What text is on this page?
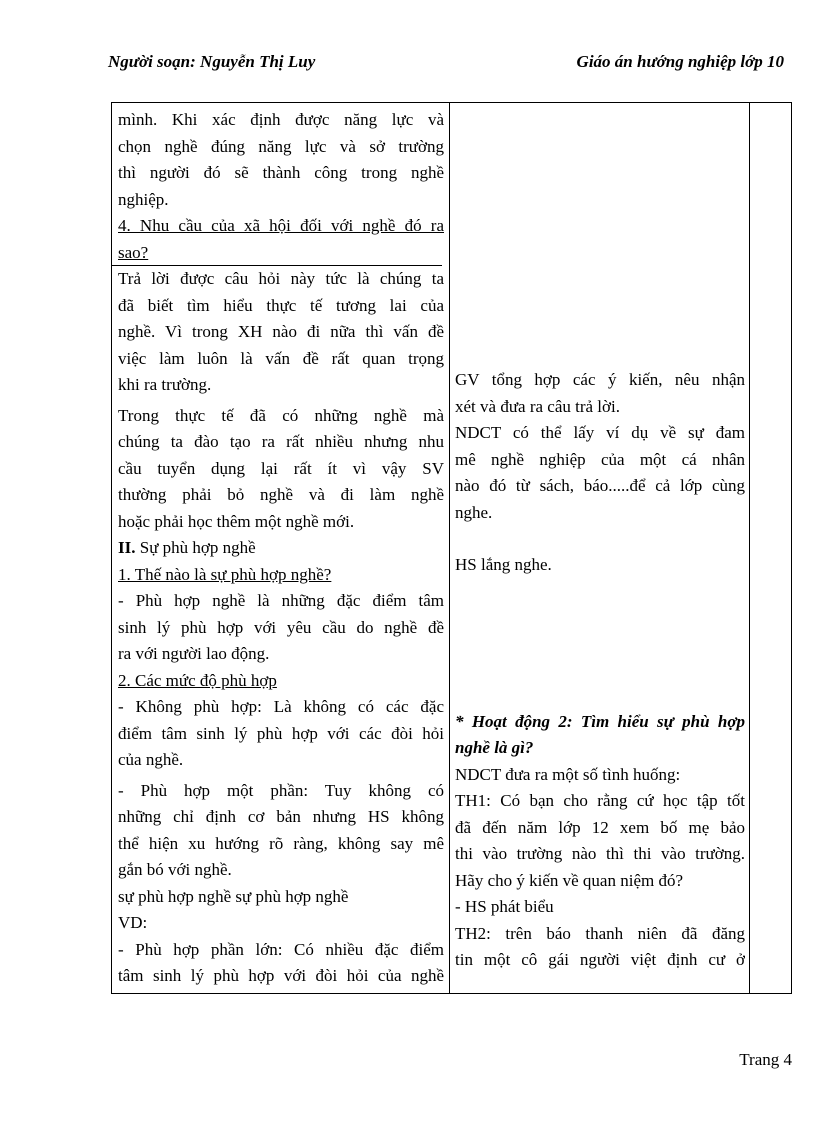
Người soạn: Nguyễn Thị Luy	Giáo án hướng nghiệp lớp 10
mình. Khi xác định được năng lực và
chọn nghề đúng năng lực và sở trường
thì người đó sẽ thành công trong nghề
nghiệp.
4. Nhu cầu của xã hội đối với nghề đó ra
sao?
Trả lời được câu hỏi này tức là chúng ta
đã biết tìm hiểu thực tế tương lai của
nghề. Vì trong XH nào đi nữa thì vấn đề
việc làm luôn là vấn đề rất quan trọng
khi ra trường.
Trong thực tế đã có những nghề mà
chúng ta đào tạo ra rất nhiều nhưng nhu
cầu tuyển dụng lại rất ít vì vậy SV
thường phải bỏ nghề và đi làm nghề
hoặc phải học thêm một nghề mới.
II. Sự phù hợp nghề
1. Thế nào là sự phù hợp nghề?
- Phù hợp nghề là những đặc điểm tâm
sinh lý phù hợp với yêu cầu do nghề đề
ra với người lao động.
2. Các mức độ phù hợp
- Không phù hợp: Là không có các đặc
điểm tâm sinh lý phù hợp với các đòi hỏi
của nghề.
- Phù hợp một phần: Tuy không có
những chỉ định cơ bản nhưng HS không
thể hiện xu hướng rõ ràng, không say mê
gắn bó với nghề.
sự phù hợp nghề sự phù hợp nghề
VD:
- Phù hợp phần lớn: Có nhiều đặc điểm
tâm sinh lý phù hợp với đòi hỏi của nghề
GV tổng hợp các ý kiến, nêu nhận
xét và đưa ra câu trả lời.
NDCT có thể lấy ví dụ về sự đam
mê nghề nghiệp của một cá nhân
nào đó từ sách, báo.....để cả lớp cùng
nghe.
HS lắng nghe.
* Hoạt động 2: Tìm hiểu sự phù hợp
nghề là gì?
NDCT đưa ra một số tình huống:
TH1: Có bạn cho rằng cứ học tập tốt
đã đến năm lớp 12 xem bố mẹ bảo
thi vào trường nào thì thi vào trường.
Hãy cho ý kiến về quan niệm đó?
- HS phát biểu
TH2: trên báo thanh niên đã đăng
tin một cô gái người việt định cư ở
Trang 4
